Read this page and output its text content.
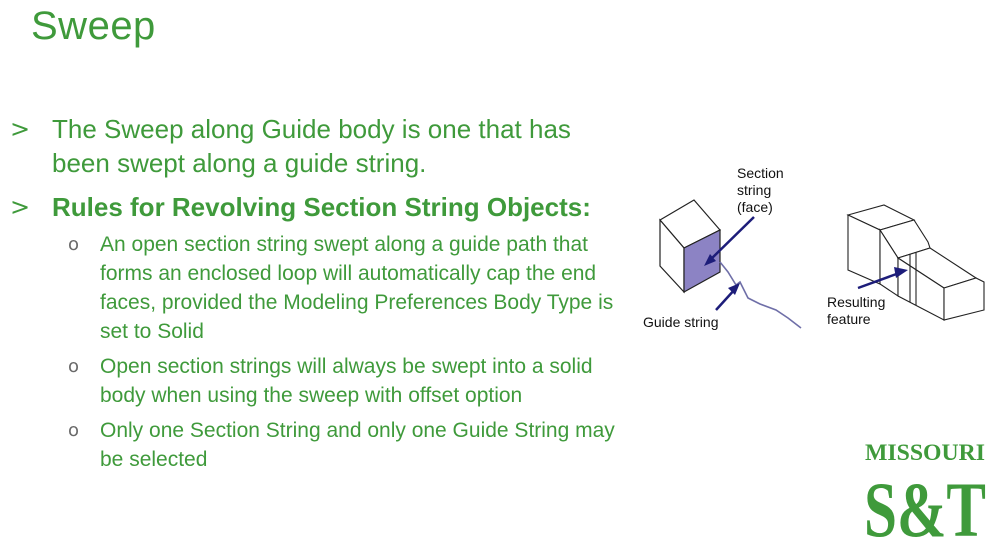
Sweep
> The Sweep along Guide body is one that has been swept along a guide string.
> Rules for Revolving Section String Objects:
o An open section string swept along a guide path that forms an enclosed loop will automatically cap the end faces, provided the Modeling Preferences Body Type is set to Solid
o Open section strings will always be swept into a solid body when using the sweep with offset option
o Only one Section String and only one Guide String may be selected
Section
string
(face)
Guide string
Resulting
feature
MISSOURI
S&T
